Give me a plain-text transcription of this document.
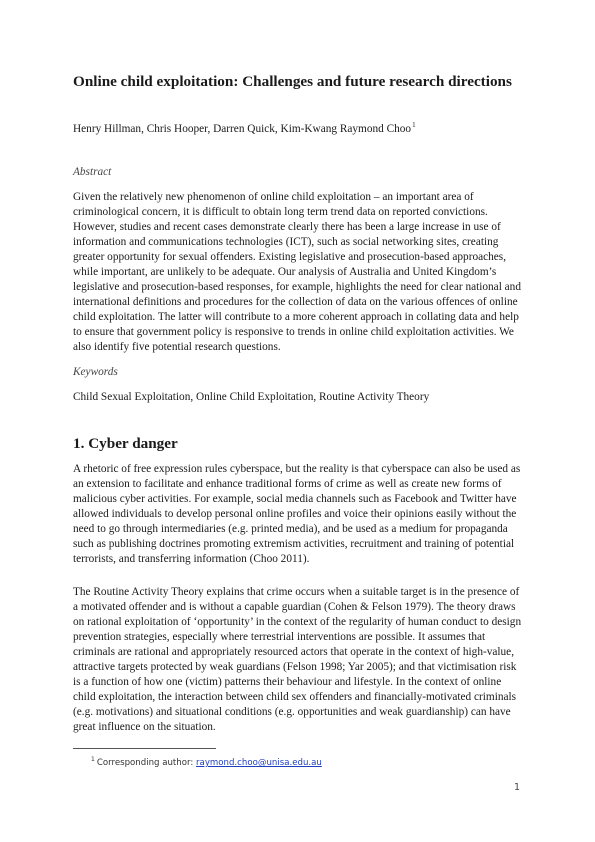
Online child exploitation: Challenges and future research directions

Henry Hillman, Chris Hooper, Darren Quick, Kim-Kwang Raymond Choo$^1$

Abstract

Given the relatively new phenomenon of online child exploitation – an important area of criminological concern, it is difficult to obtain long term trend data on reported convictions. However, studies and recent cases demonstrate clearly there has been a large increase in use of information and communications technologies (ICT), such as social networking sites, creating greater opportunity for sexual offenders. Existing legislative and prosecution-based approaches, while important, are unlikely to be adequate. Our analysis of Australia and United Kingdom’s legislative and prosecution-based responses, for example, highlights the need for clear national and international definitions and procedures for the collection of data on the various offences of online child exploitation. The latter will contribute to a more coherent approach in collating data and help to ensure that government policy is responsive to trends in online child exploitation activities. We also identify five potential research questions.

Keywords

Child Sexual Exploitation, Online Child Exploitation, Routine Activity Theory

1. Cyber danger

A rhetoric of free expression rules cyberspace, but the reality is that cyberspace can also be used as an extension to facilitate and enhance traditional forms of crime as well as create new forms of malicious cyber activities. For example, social media channels such as Facebook and Twitter have allowed individuals to develop personal online profiles and voice their opinions easily without the need to go through intermediaries (e.g. printed media), and be used as a medium for propaganda such as publishing doctrines promoting extremism activities, recruitment and training of potential terrorists, and transferring information (Choo 2011).

The Routine Activity Theory explains that crime occurs when a suitable target is in the presence of a motivated offender and is without a capable guardian (Cohen & Felson 1979). The theory draws on rational exploitation of ‘opportunity’ in the context of the regularity of human conduct to design prevention strategies, especially where terrestrial interventions are possible. It assumes that criminals are rational and appropriately resourced actors that operate in the context of high-value, attractive targets protected by weak guardians (Felson 1998; Yar 2005); and that victimisation risk is a function of how one (victim) patterns their behaviour and lifestyle. In the context of online child exploitation, the interaction between child sex offenders and financially-motivated criminals (e.g. motivations) and situational conditions (e.g. opportunities and weak guardianship) can have great influence on the situation.

$^1$ Corresponding author: raymond.choo@unisa.edu.au

1
